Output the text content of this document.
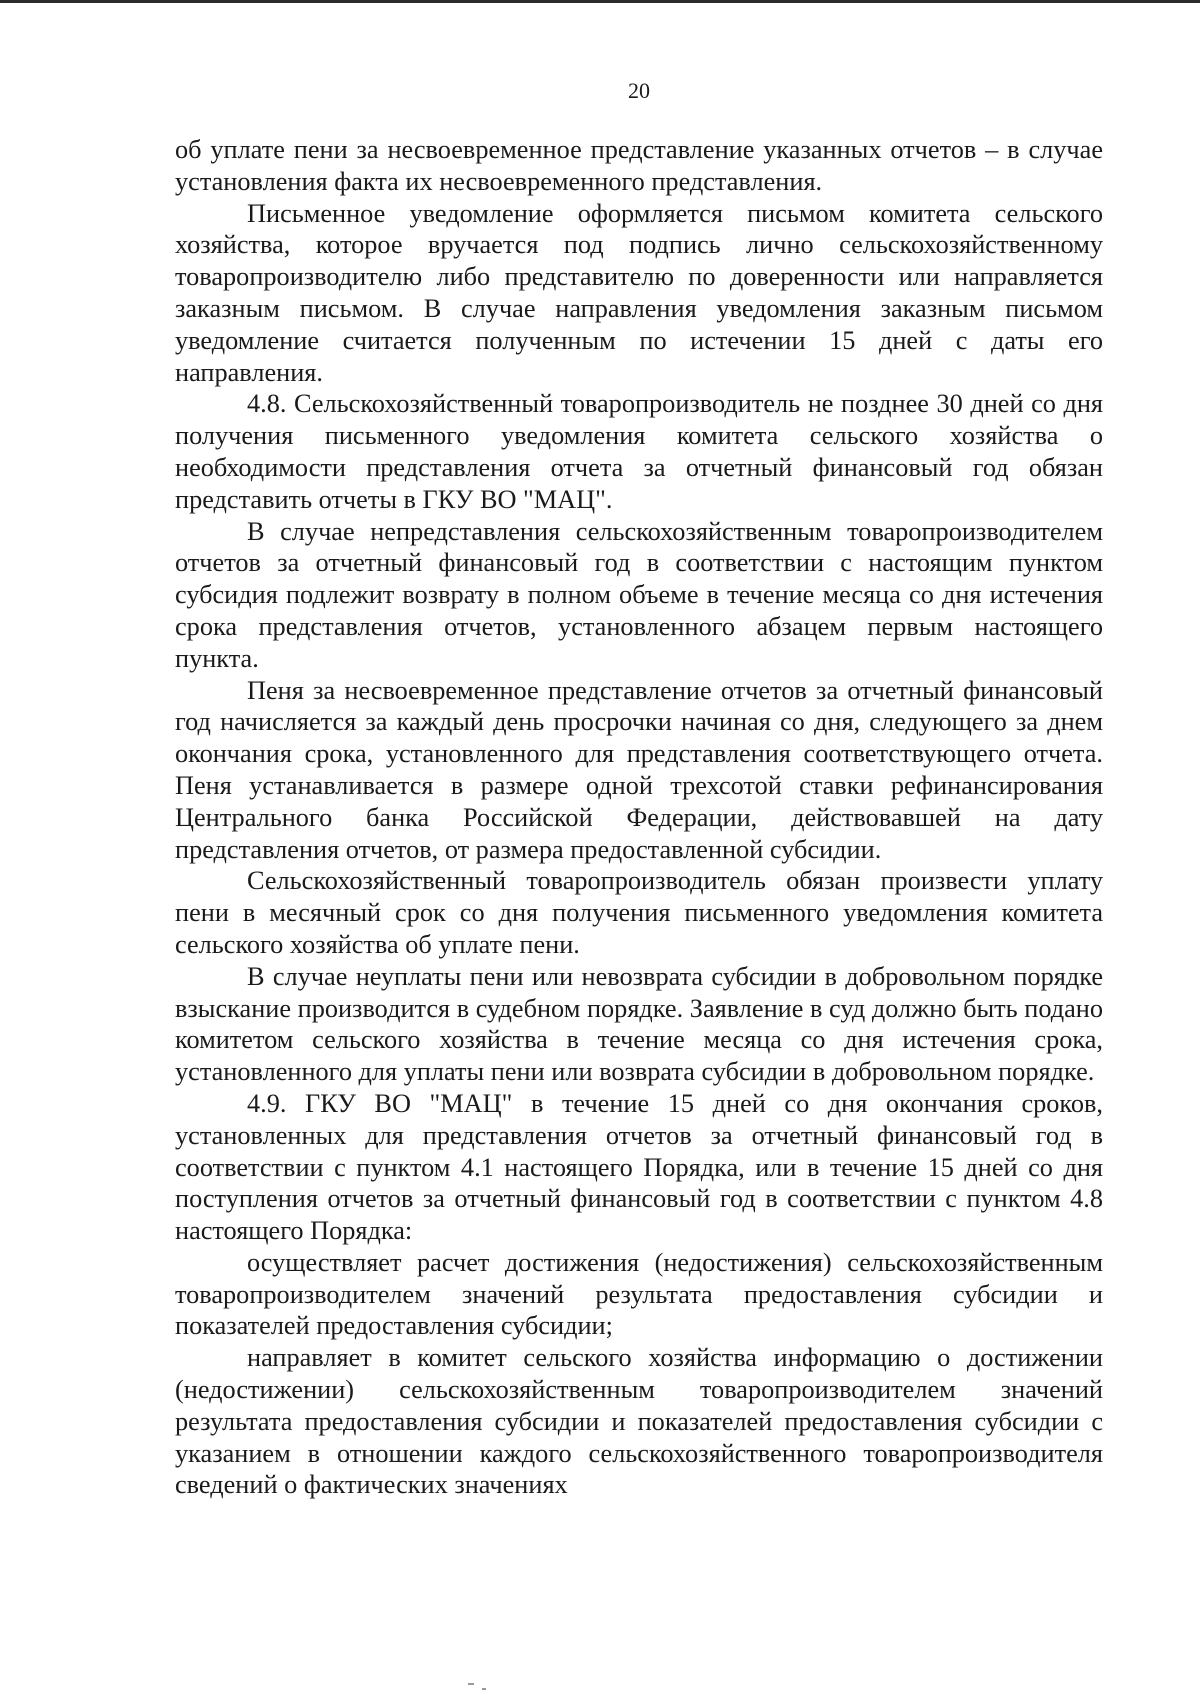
20

об уплате пени за несвоевременное представление указанных отчетов – в случае установления факта их несвоевременного представления.

Письменное уведомление оформляется письмом комитета сельского хозяйства, которое вручается под подпись лично сельскохозяйственному товаропроизводителю либо представителю по доверенности или направляется заказным письмом. В случае направления уведомления заказным письмом уведомление считается полученным по истечении 15 дней с даты его направления.

4.8. Сельскохозяйственный товаропроизводитель не позднее 30 дней со дня получения письменного уведомления комитета сельского хозяйства о необходимости представления отчета за отчетный финансовый год обязан представить отчеты в ГКУ ВО "МАЦ".

В случае непредставления сельскохозяйственным товаропроизводителем отчетов за отчетный финансовый год в соответствии с настоящим пунктом субсидия подлежит возврату в полном объеме в течение месяца со дня истечения срока представления отчетов, установленного абзацем первым настоящего пункта.

Пеня за несвоевременное представление отчетов за отчетный финансовый год начисляется за каждый день просрочки начиная со дня, следующего за днем окончания срока, установленного для представления соответствующего отчета. Пеня устанавливается в размере одной трехсотой ставки рефинансирования Центрального банка Российской Федерации, действовавшей на дату представления отчетов, от размера предоставленной субсидии.

Сельскохозяйственный товаропроизводитель обязан произвести уплату пени в месячный срок со дня получения письменного уведомления комитета сельского хозяйства об уплате пени.

В случае неуплаты пени или невозврата субсидии в добровольном порядке взыскание производится в судебном порядке. Заявление в суд должно быть подано комитетом сельского хозяйства в течение месяца со дня истечения срока, установленного для уплаты пени или возврата субсидии в добровольном порядке.

4.9. ГКУ ВО "МАЦ" в течение 15 дней со дня окончания сроков, установленных для представления отчетов за отчетный финансовый год в соответствии с пунктом 4.1 настоящего Порядка, или в течение 15 дней со дня поступления отчетов за отчетный финансовый год в соответствии с пунктом 4.8 настоящего Порядка:

осуществляет расчет достижения (недостижения) сельскохозяйственным товаропроизводителем значений результата предоставления субсидии и показателей предоставления субсидии;

направляет в комитет сельского хозяйства информацию о достижении (недостижении) сельскохозяйственным товаропроизводителем значений результата предоставления субсидии и показателей предоставления субсидии с указанием в отношении каждого сельскохозяйственного товаропроизводителя сведений о фактических значениях
